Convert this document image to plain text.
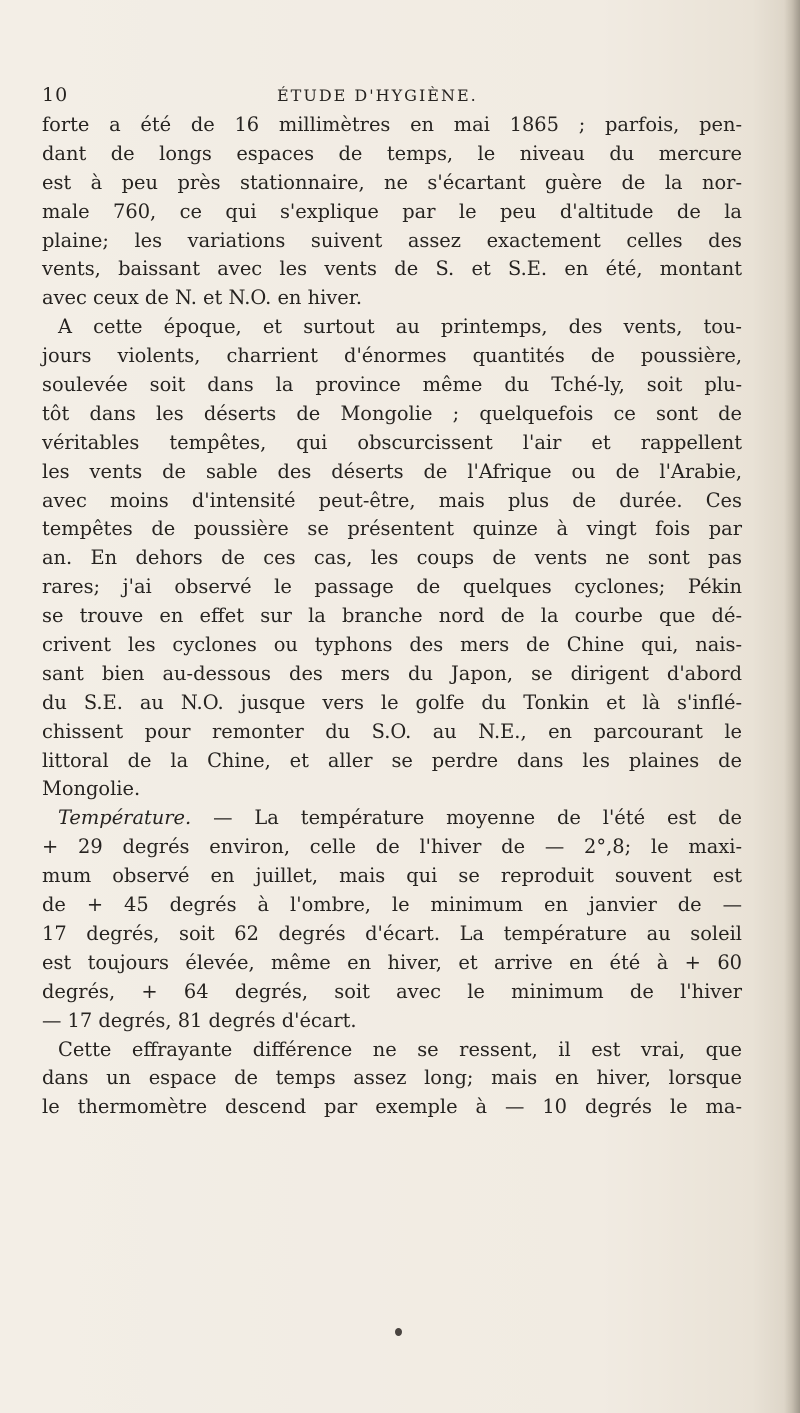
10	ÉTUDE D'HYGIÈNE.
forte a été de 16 millimètres en mai 1865 ; parfois, pen-
dant de longs espaces de temps, le niveau du mercure
est à peu près stationnaire, ne s'écartant guère de la nor-
male 760, ce qui s'explique par le peu d'altitude de la
plaine; les variations suivent assez exactement celles des
vents, baissant avec les vents de S. et S.E. en été, montant
avec ceux de N. et N.O. en hiver.
A cette époque, et surtout au printemps, des vents, tou-
jours violents, charrient d'énormes quantités de poussière,
soulevée soit dans la province même du Tché-ly, soit plu-
tôt dans les déserts de Mongolie ; quelquefois ce sont de
véritables tempêtes, qui obscurcissent l'air et rappellent
les vents de sable des déserts de l'Afrique ou de l'Arabie,
avec moins d'intensité peut-être, mais plus de durée. Ces
tempêtes de poussière se présentent quinze à vingt fois par
an. En dehors de ces cas, les coups de vents ne sont pas
rares; j'ai observé le passage de quelques cyclones; Pékin
se trouve en effet sur la branche nord de la courbe que dé-
crivent les cyclones ou typhons des mers de Chine qui, nais-
sant bien au-dessous des mers du Japon, se dirigent d'abord
du S.E. au N.O. jusque vers le golfe du Tonkin et là s'inflé-
chissent pour remonter du S.O. au N.E., en parcourant le
littoral de la Chine, et aller se perdre dans les plaines de
Mongolie.
Température. — La température moyenne de l'été est de
+ 29 degrés environ, celle de l'hiver de — 2°,8; le maxi-
mum observé en juillet, mais qui se reproduit souvent est
de + 45 degrés à l'ombre, le minimum en janvier de —
17 degrés, soit 62 degrés d'écart. La température au soleil
est toujours élevée, même en hiver, et arrive en été à + 60
degrés, + 64 degrés, soit avec le minimum de l'hiver
— 17 degrés, 81 degrés d'écart.
Cette effrayante différence ne se ressent, il est vrai, que
dans un espace de temps assez long; mais en hiver, lorsque
le thermomètre descend par exemple à — 10 degrés le ma-
